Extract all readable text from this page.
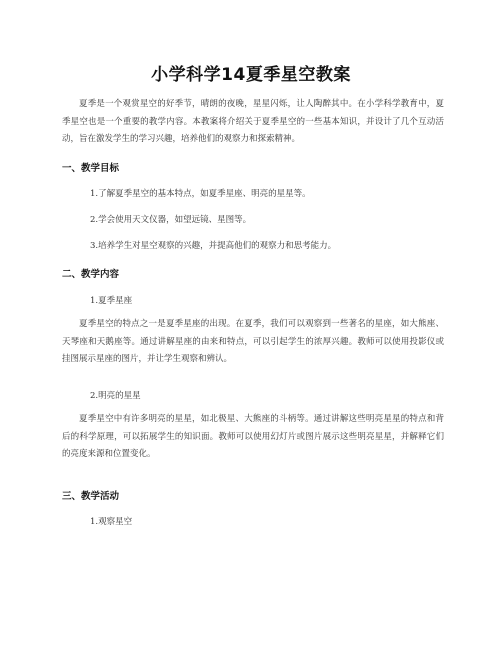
小学科学14夏季星空教案

夏季是一个观赏星空的好季节，晴朗的夜晚，星星闪烁，让人陶醉其中。在小学科学教育中，夏季星空也是一个重要的教学内容。本教案将介绍关于夏季星空的一些基本知识，并设计了几个互动活动，旨在激发学生的学习兴趣，培养他们的观察力和探索精神。

一、教学目标
1.了解夏季星空的基本特点，如夏季星座、明亮的星星等。
2.学会使用天文仪器，如望远镜、星图等。
3.培养学生对星空观察的兴趣，并提高他们的观察力和思考能力。
二、教学内容
1.夏季星座

夏季星空的特点之一是夏季星座的出现。在夏季，我们可以观察到一些著名的星座，如大熊座、天琴座和天鹅座等。通过讲解星座的由来和特点，可以引起学生的浓厚兴趣。教师可以使用投影仪或挂图展示星座的图片，并让学生观察和辨认。

2.明亮的星星

夏季星空中有许多明亮的星星，如北极星、大熊座的斗柄等。通过讲解这些明亮星星的特点和背后的科学原理，可以拓展学生的知识面。教师可以使用幻灯片或图片展示这些明亮星星，并解释它们的亮度来源和位置变化。

三、教学活动
1.观察星空
